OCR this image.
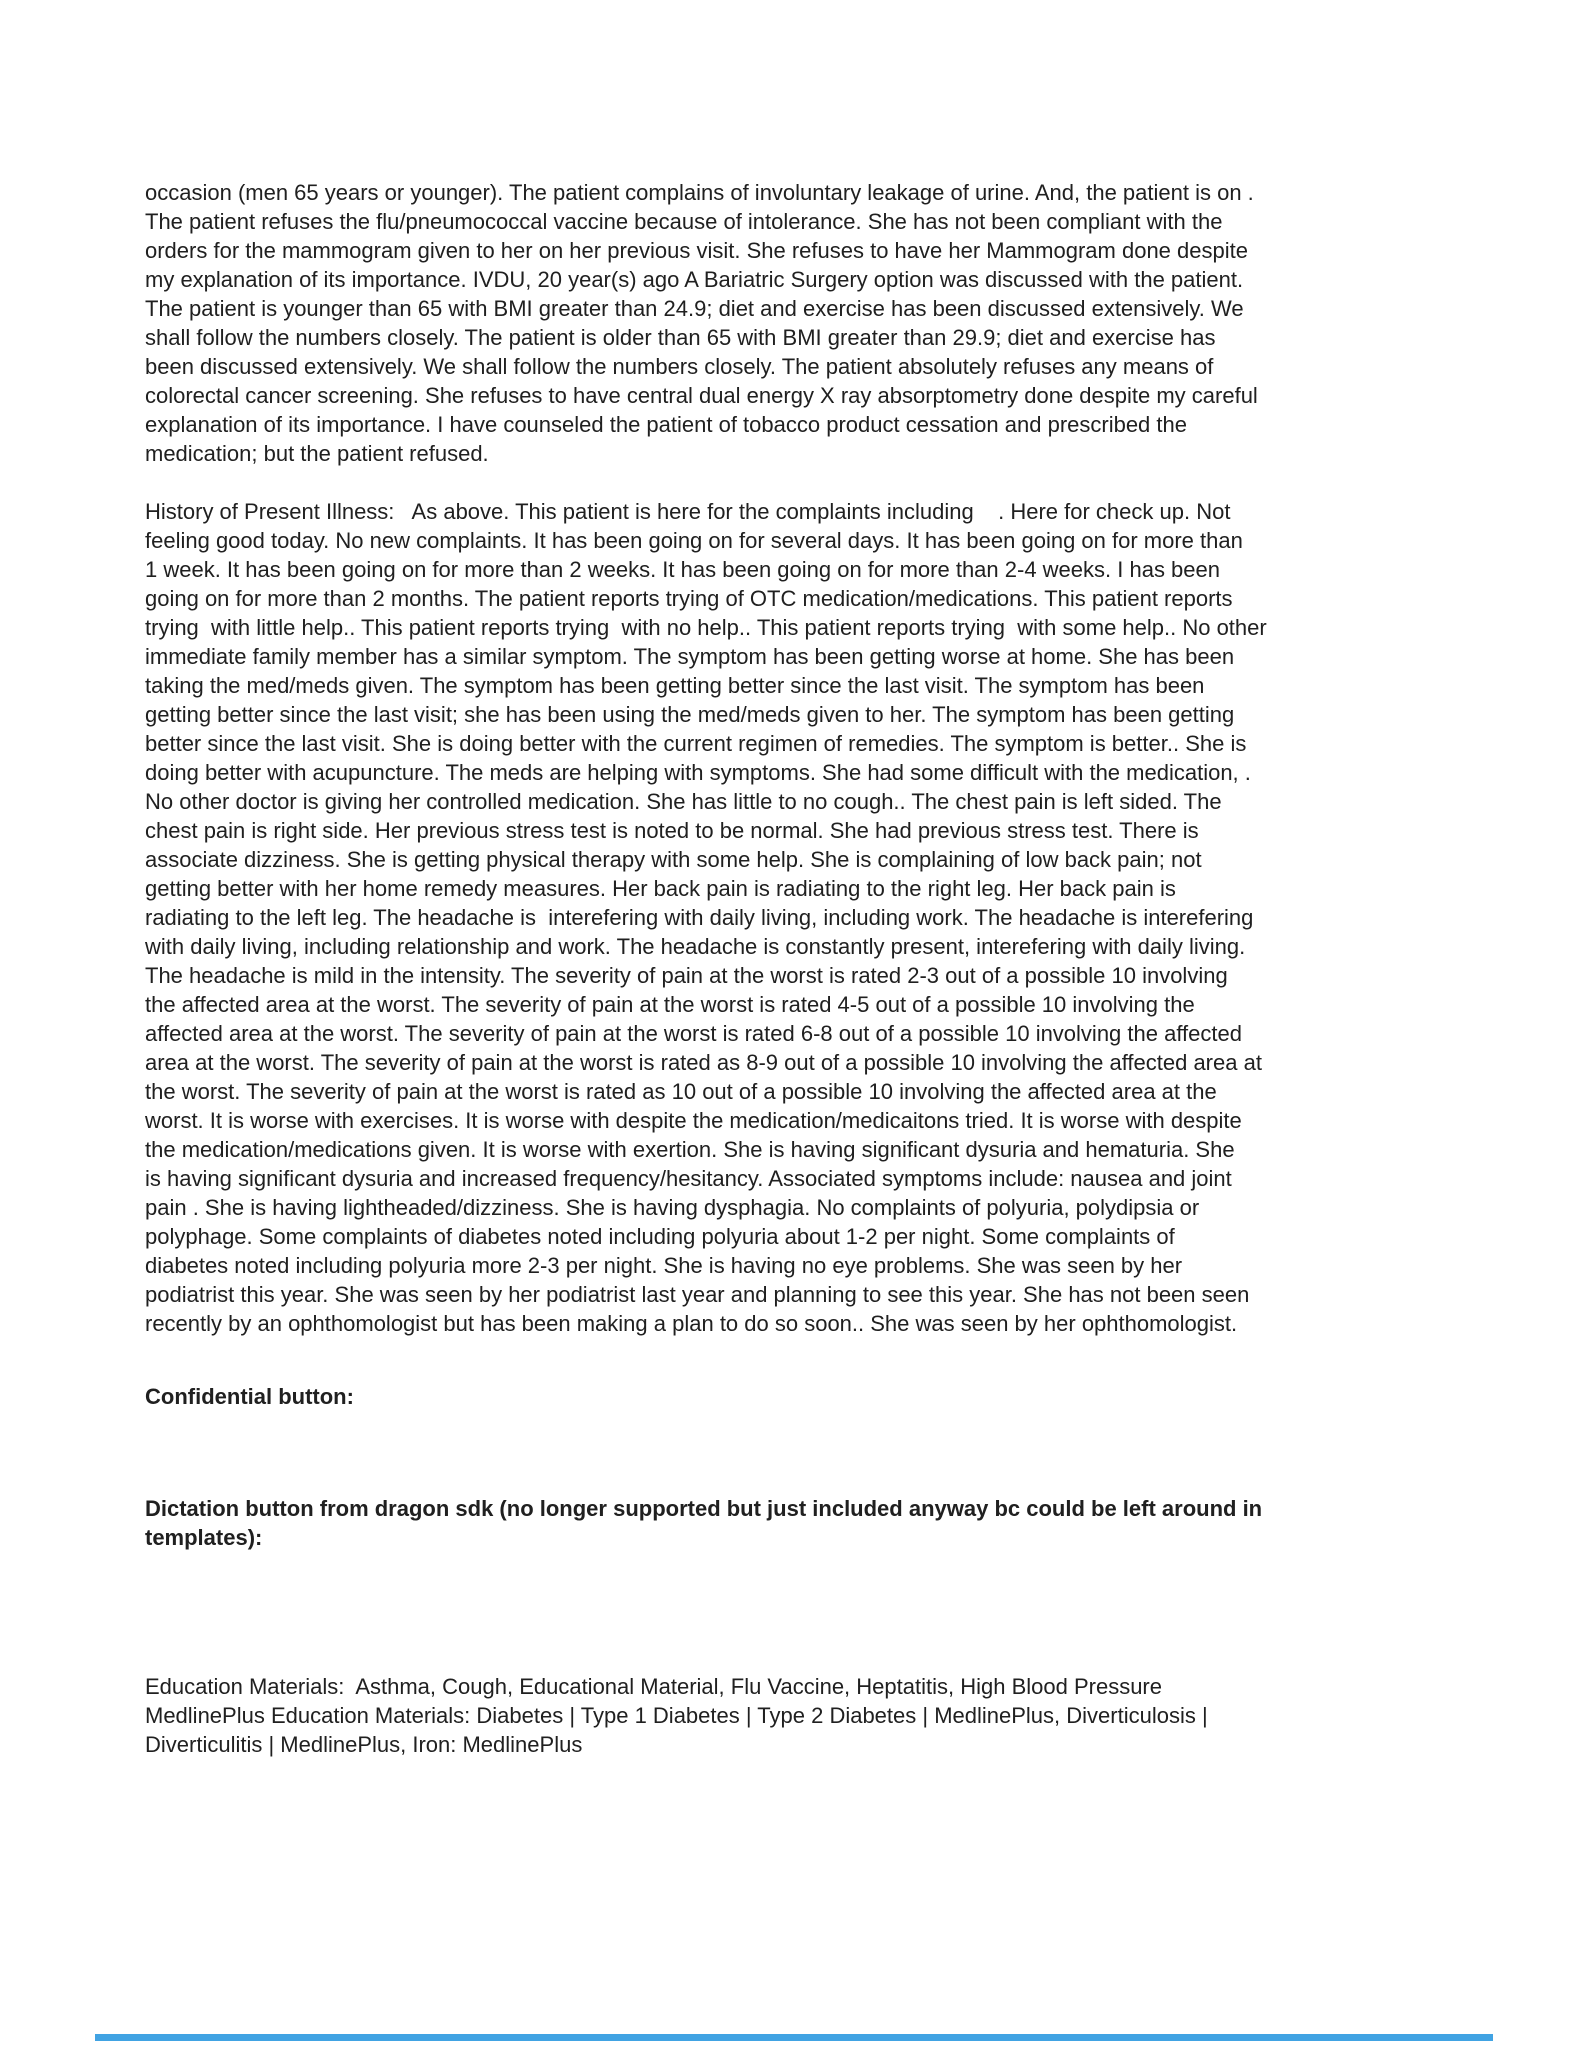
occasion (men 65 years or younger). The patient complains of involuntary leakage of urine. And, the patient is on .
The patient refuses the flu/pneumococcal vaccine because of intolerance. She has not been compliant with the
orders for the mammogram given to her on her previous visit. She refuses to have her Mammogram done despite
my explanation of its importance. IVDU, 20 year(s) ago A Bariatric Surgery option was discussed with the patient.
The patient is younger than 65 with BMI greater than 24.9; diet and exercise has been discussed extensively. We
shall follow the numbers closely. The patient is older than 65 with BMI greater than 29.9; diet and exercise has
been discussed extensively. We shall follow the numbers closely. The patient absolutely refuses any means of
colorectal cancer screening. She refuses to have central dual energy X ray absorptometry done despite my careful
explanation of its importance. I have counseled the patient of tobacco product cessation and prescribed the
medication; but the patient refused.
History of Present Illness:   As above. This patient is here for the complaints including    . Here for check up. Not
feeling good today. No new complaints. It has been going on for several days. It has been going on for more than
1 week. It has been going on for more than 2 weeks. It has been going on for more than 2-4 weeks. I has been
going on for more than 2 months. The patient reports trying of OTC medication/medications. This patient reports
trying  with little help.. This patient reports trying  with no help.. This patient reports trying  with some help.. No other
immediate family member has a similar symptom. The symptom has been getting worse at home. She has been
taking the med/meds given. The symptom has been getting better since the last visit. The symptom has been
getting better since the last visit; she has been using the med/meds given to her. The symptom has been getting
better since the last visit. She is doing better with the current regimen of remedies. The symptom is better.. She is
doing better with acupuncture. The meds are helping with symptoms. She had some difficult with the medication, .
No other doctor is giving her controlled medication. She has little to no cough.. The chest pain is left sided. The
chest pain is right side. Her previous stress test is noted to be normal. She had previous stress test. There is
associate dizziness. She is getting physical therapy with some help. She is complaining of low back pain; not
getting better with her home remedy measures. Her back pain is radiating to the right leg. Her back pain is
radiating to the left leg. The headache is  interefering with daily living, including work. The headache is interefering
with daily living, including relationship and work. The headache is constantly present, interefering with daily living.
The headache is mild in the intensity. The severity of pain at the worst is rated 2-3 out of a possible 10 involving
the affected area at the worst. The severity of pain at the worst is rated 4-5 out of a possible 10 involving the
affected area at the worst. The severity of pain at the worst is rated 6-8 out of a possible 10 involving the affected
area at the worst. The severity of pain at the worst is rated as 8-9 out of a possible 10 involving the affected area at
the worst. The severity of pain at the worst is rated as 10 out of a possible 10 involving the affected area at the
worst. It is worse with exercises. It is worse with despite the medication/medicaitons tried. It is worse with despite
the medication/medications given. It is worse with exertion. She is having significant dysuria and hematuria. She
is having significant dysuria and increased frequency/hesitancy. Associated symptoms include: nausea and joint
pain . She is having lightheaded/dizziness. She is having dysphagia. No complaints of polyuria, polydipsia or
polyphage. Some complaints of diabetes noted including polyuria about 1-2 per night. Some complaints of
diabetes noted including polyuria more 2-3 per night. She is having no eye problems. She was seen by her
podiatrist this year. She was seen by her podiatrist last year and planning to see this year. She has not been seen
recently by an ophthomologist but has been making a plan to do so soon.. She was seen by her ophthomologist.
Confidential button:
Dictation button from dragon sdk (no longer supported but just included anyway bc could be left around in
templates):
Education Materials:  Asthma, Cough, Educational Material, Flu Vaccine, Heptatitis, High Blood Pressure
MedlinePlus Education Materials: Diabetes | Type 1 Diabetes | Type 2 Diabetes | MedlinePlus, Diverticulosis |
Diverticulitis | MedlinePlus, Iron: MedlinePlus
